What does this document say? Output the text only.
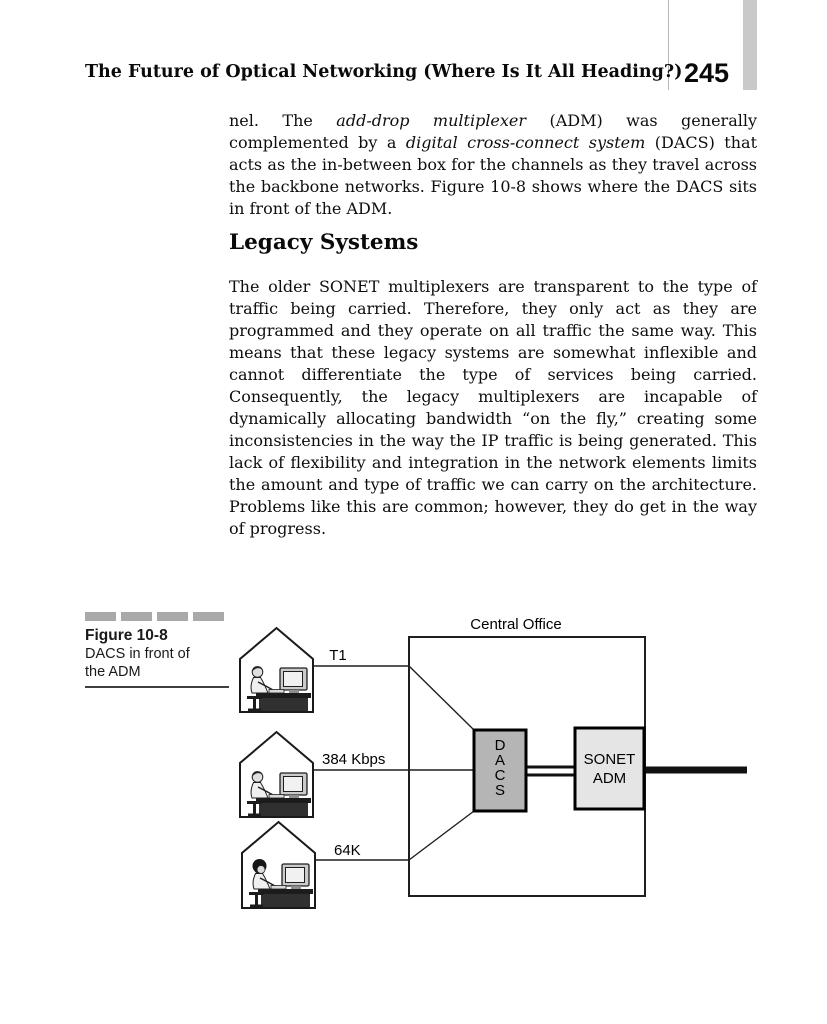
245
The Future of Optical Networking (Where Is It All Heading?)

nel. The add-drop multiplexer (ADM) was generally complemented by a digital cross-connect system (DACS) that acts as the in-between box for the channels as they travel across the backbone networks. Figure 10-8 shows where the DACS sits in front of the ADM.

Legacy Systems

The older SONET multiplexers are transparent to the type of traffic being carried. Therefore, they only act as they are programmed and they operate on all traffic the same way. This means that these legacy systems are somewhat inflexible and cannot differentiate the type of services being carried. Consequently, the legacy multiplexers are incapable of dynamically allocating bandwidth “on the fly,” creating some inconsistencies in the way the IP traffic is being generated. This lack of flexibility and integration in the network elements limits the amount and type of traffic we can carry on the architecture. Problems like this are common; however, they do get in the way of progress.

Figure 10-8
DACS in front of
the ADM
Central Office
T1
384 Kbps
64K
D
A
C
S
SONET
ADM
